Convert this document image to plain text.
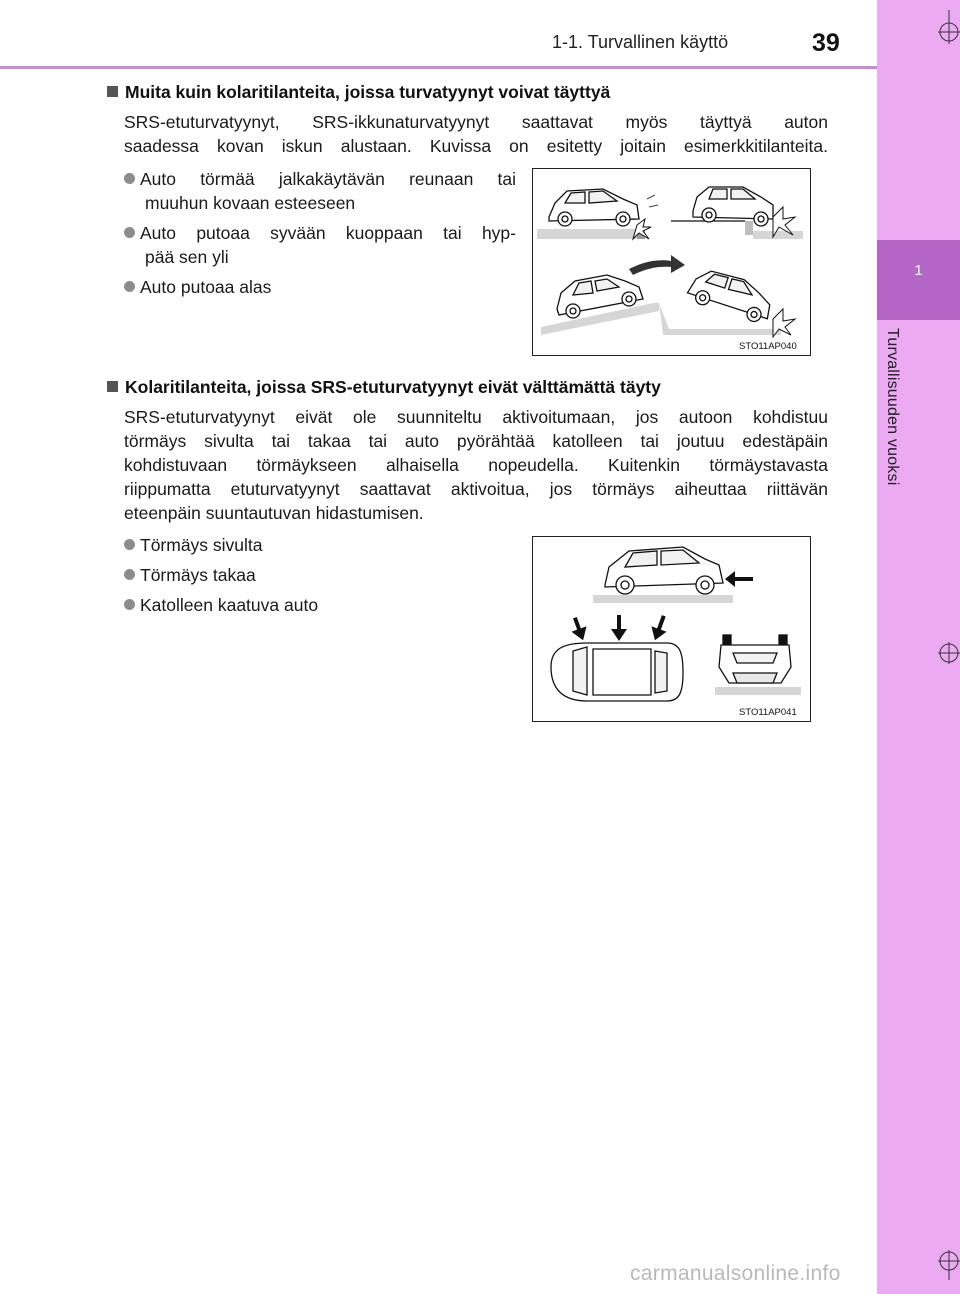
1
Turvallisuuden vuoksi
1-1. Turvallinen käyttö	39
Muita kuin kolaritilanteita, joissa turvatyynyt voivat täyttyä
SRS-etuturvatyynyt, SRS-ikkunaturvatyynyt saattavat myös täyttyä auton
saadessa kovan iskun alustaan. Kuvissa on esitetty joitain esimerkkitilanteita.
Auto törmää jalkakäytävän reunaan tai
muuhun kovaan esteeseen
Auto putoaa syvään kuoppaan tai hyp-
pää sen yli
Auto putoaa alas
STO11AP040
Kolaritilanteita, joissa SRS-etuturvatyynyt eivät välttämättä täyty
SRS-etuturvatyynyt eivät ole suunniteltu aktivoitumaan, jos autoon kohdistuu
törmäys sivulta tai takaa tai auto pyörähtää katolleen tai joutuu edestäpäin
kohdistuvaan törmäykseen alhaisella nopeudella. Kuitenkin törmäystavasta
riippumatta etuturvatyynyt saattavat aktivoitua, jos törmäys aiheuttaa riittävän
eteenpäin suuntautuvan hidastumisen.
Törmäys sivulta
Törmäys takaa
Katolleen kaatuva auto
STO11AP041
carmanualsonline.info
